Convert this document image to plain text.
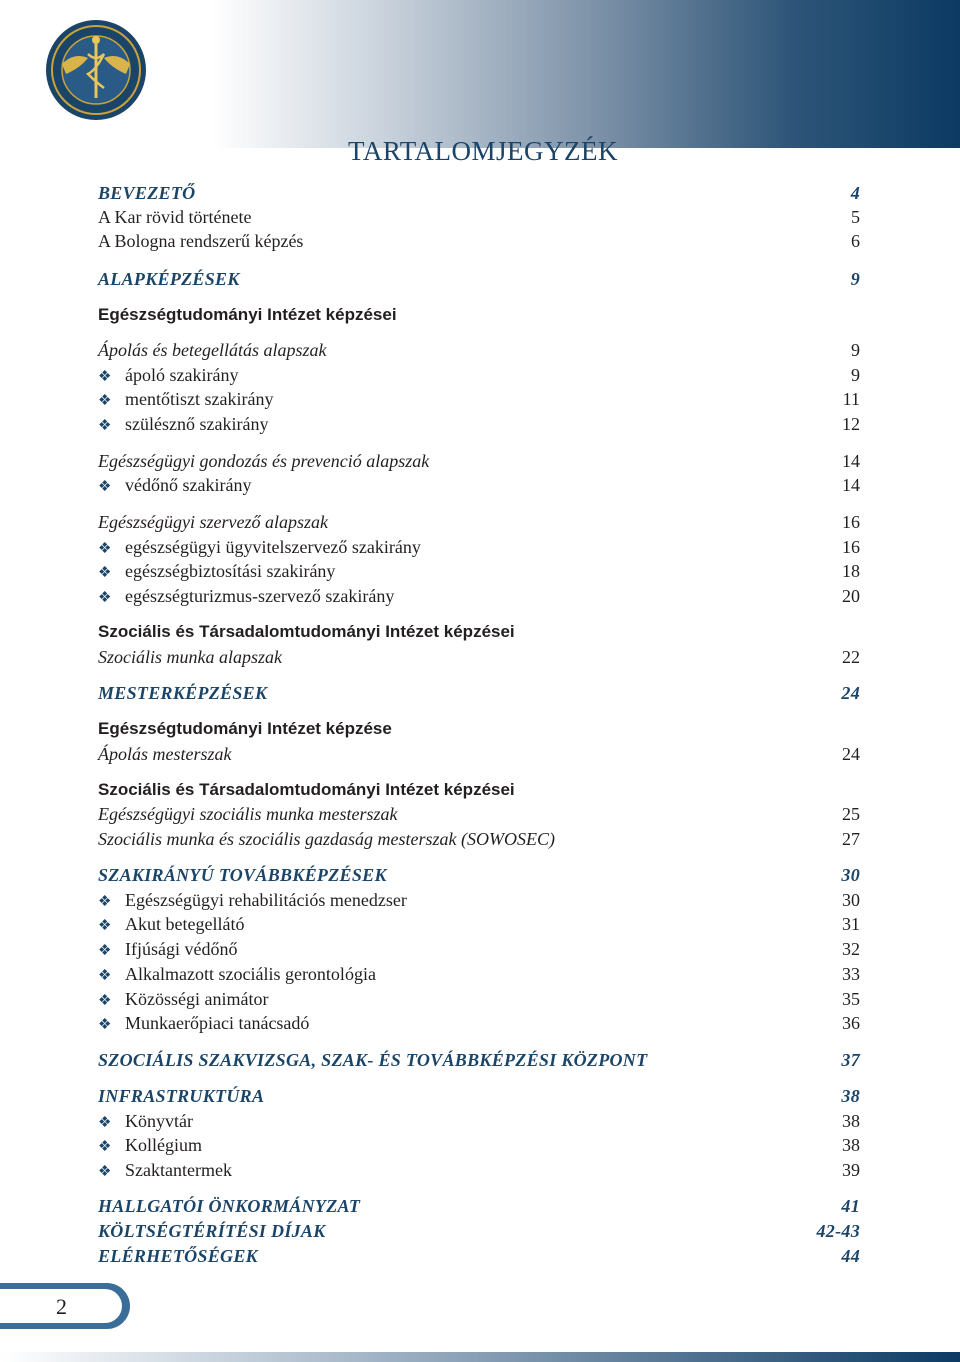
TARTALOMJEGYZÉK
BEVEZETŐ	4
A Kar rövid története	5
A Bologna rendszerű képzés	6
ALAPKÉPZÉSEK	9
Egészségtudományi Intézet képzései
Ápolás és betegellátás alapszak	9
❖ ápoló szakirány	9
❖ mentőtiszt szakirány	11
❖ szülésznő szakirány	12
Egészségügyi gondozás és prevenció alapszak	14
❖ védőnő szakirány	14
Egészségügyi szervező alapszak	16
❖ egészségügyi ügyvitelszervező szakirány	16
❖ egészségbiztosítási szakirány	18
❖ egészségturizmus-szervező szakirány	20
Szociális és Társadalomtudományi Intézet képzései
Szociális munka alapszak	22
MESTERKÉPZÉSEK	24
Egészségtudományi Intézet képzése
Ápolás mesterszak	24
Szociális és Társadalomtudományi Intézet képzései
Egészségügyi szociális munka mesterszak	25
Szociális munka és szociális gazdaság mesterszak (SOWOSEC)	27
SZAKIRÁNYÚ TOVÁBBKÉPZÉSEK	30
❖ Egészségügyi rehabilitációs menedzser	30
❖ Akut betegellátó	31
❖ Ifjúsági védőnő	32
❖ Alkalmazott szociális gerontológia	33
❖ Közösségi animátor	35
❖ Munkaerőpiaci tanácsadó	36
SZOCIÁLIS SZAKVIZSGA, SZAK- ÉS TOVÁBBKÉPZÉSI KÖZPONT	37
INFRASTRUKTÚRA	38
❖ Könyvtár	38
❖ Kollégium	38
❖ Szaktantermek	39
HALLGATÓI ÖNKORMÁNYZAT	41
KÖLTSÉGTÉRÍTÉSI DÍJAK	42-43
ELÉRHETŐSÉGEK	44
2
